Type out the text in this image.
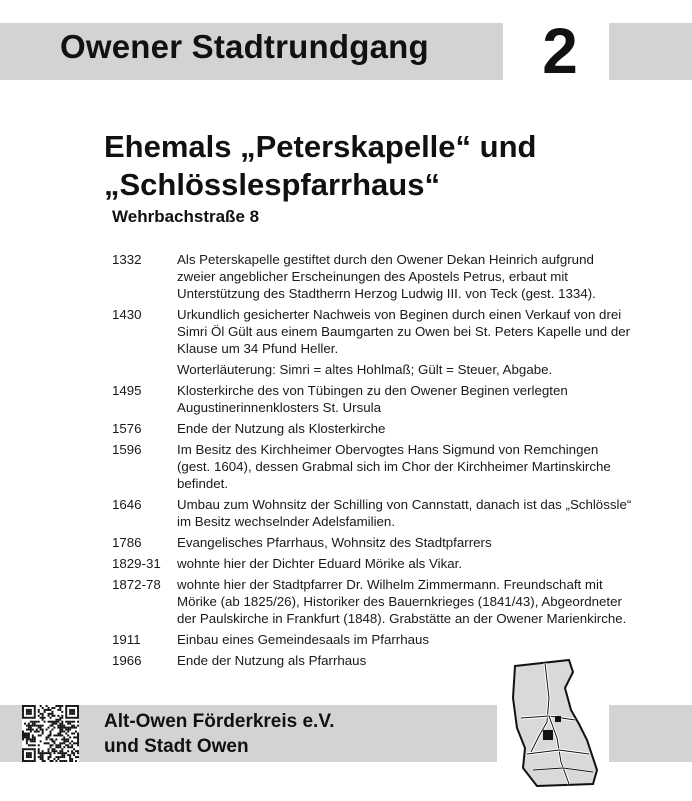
Owener Stadtrundgang	2
Ehemals „Peterskapelle“ und
„Schlösslespfarrhaus“
Wehrbachstraße 8
1332	Als Peterskapelle gestiftet durch den Owener Dekan Heinrich aufgrund zweier angeblicher Erscheinungen des Apostels Petrus, erbaut mit Unterstützung des Stadtherrn Herzog Ludwig III. von Teck (gest. 1334).
1430	Urkundlich gesicherter Nachweis von Beginen durch einen Verkauf von drei Simri Öl Gült aus einem Baumgarten zu Owen bei St. Peters Kapelle und der Klause um 34 Pfund Heller.
Worterläuterung: Simri = altes Hohlmaß; Gült = Steuer, Abgabe.
1495	Klosterkirche des von Tübingen zu den Owener Beginen verlegten Augustinerinnenklosters St. Ursula
1576	Ende der Nutzung als Klosterkirche
1596	Im Besitz des Kirchheimer Obervogtes Hans Sigmund von Remchingen (gest. 1604), dessen Grabmal sich im Chor der Kirchheimer Martinskirche befindet.
1646	Umbau zum Wohnsitz der Schilling von Cannstatt, danach ist das „Schlössle“ im Besitz wechselnder Adelsfamilien.
1786	Evangelisches Pfarrhaus, Wohnsitz des Stadtpfarrers
1829-31	wohnte hier der Dichter Eduard Mörike als Vikar.
1872-78	wohnte hier der Stadtpfarrer Dr. Wilhelm Zimmermann. Freundschaft mit Mörike (ab 1825/26), Historiker des Bauernkrieges (1841/43), Abgeordneter der Paulskirche in Frankfurt (1848). Grabstätte an der Owener Marienkirche.
1911	Einbau eines Gemeindesaals im Pfarrhaus
1966	Ende der Nutzung als Pfarrhaus
Alt-Owen Förderkreis e.V.
und Stadt Owen
